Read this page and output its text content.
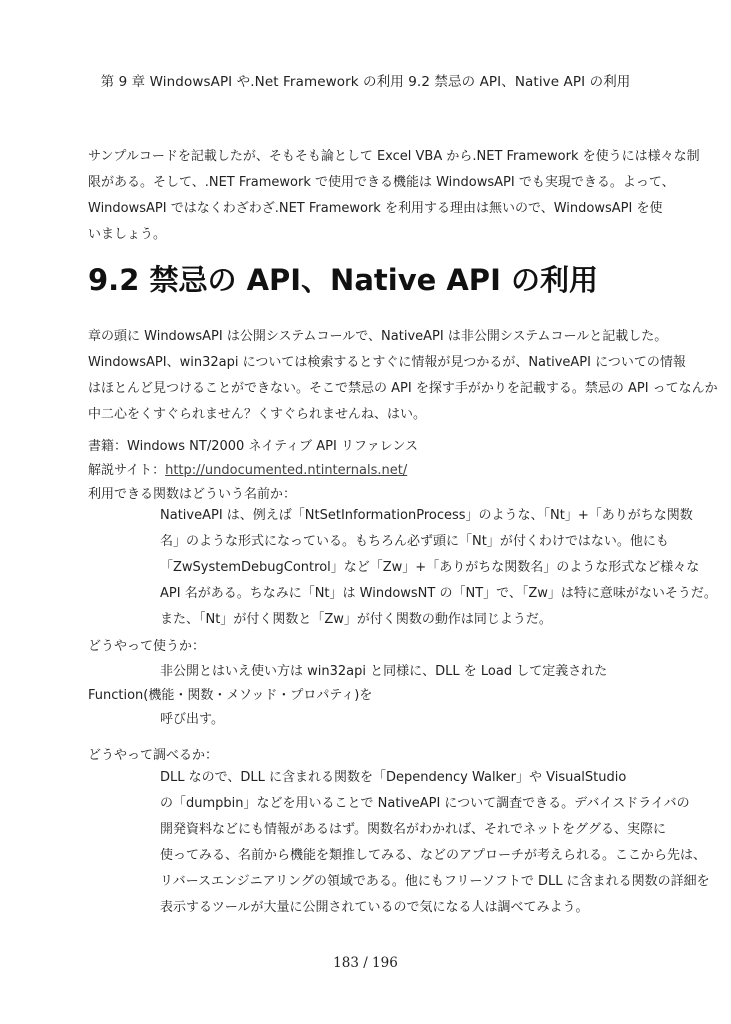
第 9 章 WindowsAPI や.Net Framework の利用 9.2 禁忌の API、Native API の利用
サンプルコードを記載したが、そもそも論として Excel VBA から.NET Framework を使うには様々な制
限がある。そして、.NET Framework で使用できる機能は WindowsAPI でも実現できる。よって、
WindowsAPI ではなくわざわざ.NET Framework を利用する理由は無いので、WindowsAPI を使
いましょう。
9.2 禁忌の API、Native API の利用
章の頭に WindowsAPI は公開システムコールで、NativeAPI は非公開システムコールと記載した。
WindowsAPI、win32api については検索するとすぐに情報が見つかるが、NativeAPI についての情報
はほとんど見つけることができない。そこで禁忌の API を探す手がかりを記載する。禁忌の API ってなんか
中二心をくすぐられません？くすぐられませんね、はい。
書籍：Windows NT/2000 ネイティブ API リファレンス
解説サイト：http://undocumented.ntinternals.net/
利用できる関数はどういう名前か：
NativeAPI は、例えば「NtSetInformationProcess」のような、「Nt」+「ありがちな関数
名」のような形式になっている。もちろん必ず頭に「Nt」が付くわけではない。他にも
「ZwSystemDebugControl」など「Zw」+「ありがちな関数名」のような形式など様々な
API 名がある。ちなみに「Nt」は WindowsNT の「NT」で、「Zw」は特に意味がないそうだ。
また、「Nt」が付く関数と「Zw」が付く関数の動作は同じようだ。
どうやって使うか：
非公開とはいえ使い方は win32api と同様に、DLL を Load して定義された
Function(機能・関数・メソッド・プロパティ)を
呼び出す。
どうやって調べるか：
DLL なので、DLL に含まれる関数を「Dependency Walker」や VisualStudio
の「dumpbin」などを用いることで NativeAPI について調査できる。デバイスドライバの
開発資料などにも情報があるはず。関数名がわかれば、それでネットをググる、実際に
使ってみる、名前から機能を類推してみる、などのアプローチが考えられる。ここから先は、
リバースエンジニアリングの領域である。他にもフリーソフトで DLL に含まれる関数の詳細を
表示するツールが大量に公開されているので気になる人は調べてみよう。
183 / 196
